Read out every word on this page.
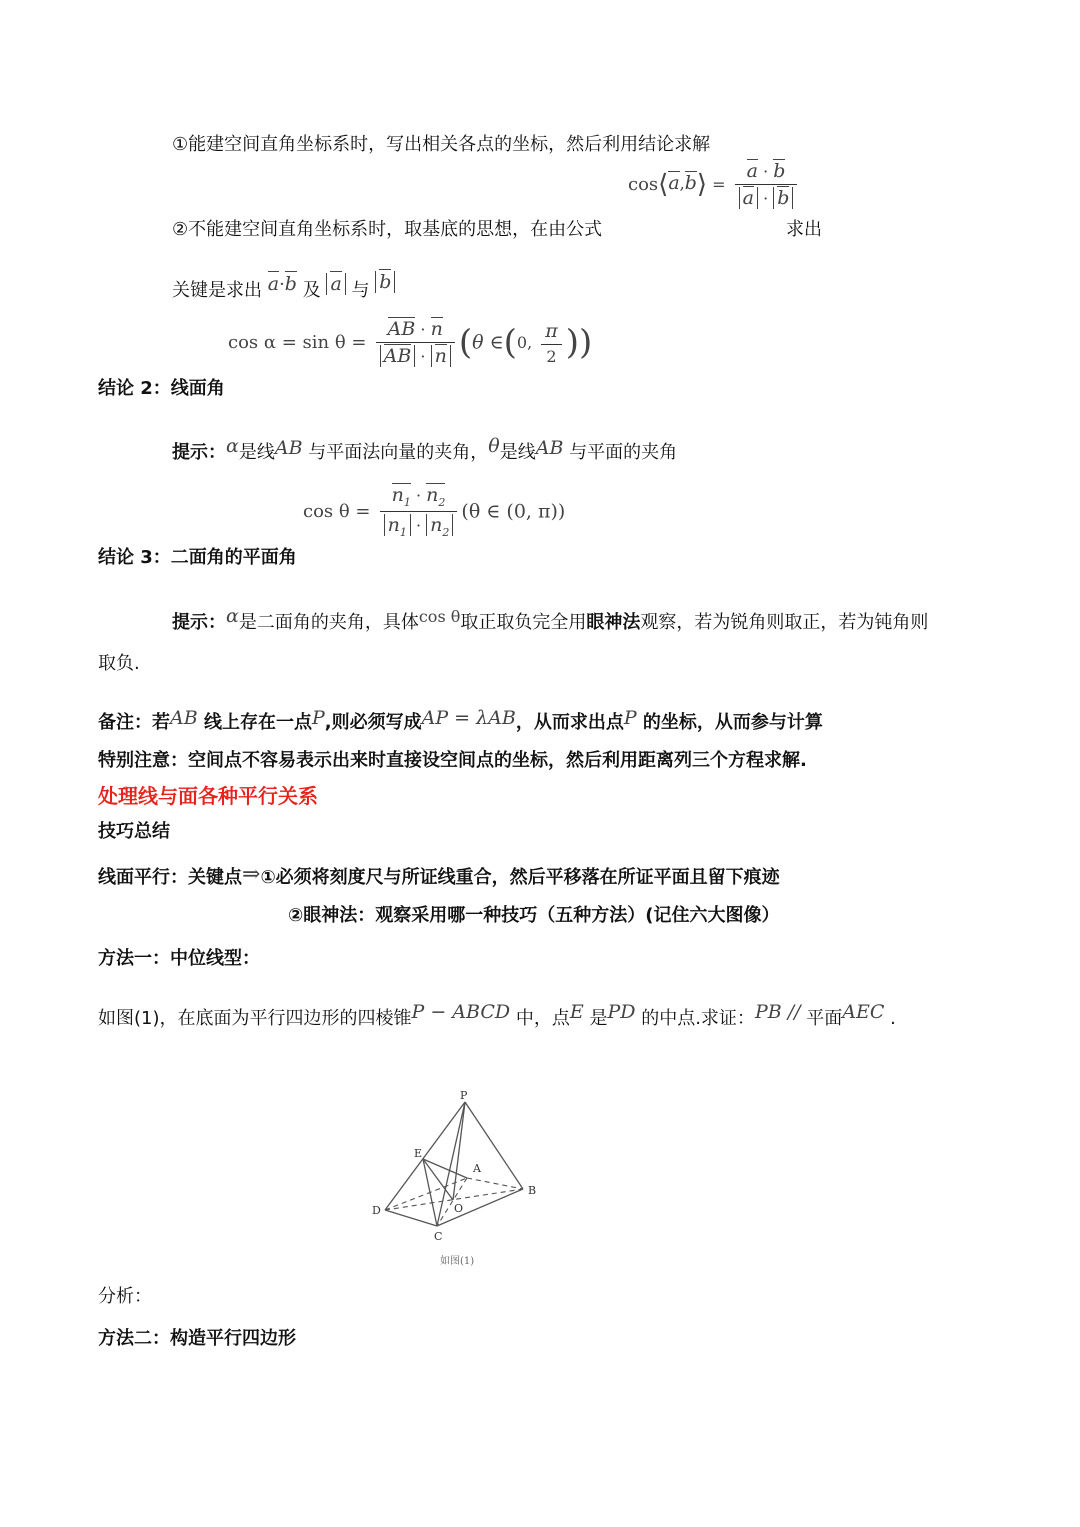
①能建空间直角坐标系时，写出相关各点的坐标，然后利用结论求解
cos⟨a,b⟩ = $\frac{a \cdot b}{a \cdot b}$
②不能建空间直角坐标系时，取基底的思想，在由公式	求出
关键是求出 a·b 及 a 与 b
$\cos \alpha = \sin \theta = \frac{AB \cdot n}{AB \cdot n} (\theta$ ∈(0, $\frac{\pi}{2}$ ))
结论 2：线面角
提示：α是线AB 与平面法向量的夹角，θ是线AB 与平面的夹角
$\cos \theta = \frac{n_1 \cdot n_2}{n_1 \cdot n_2} (\theta$ ∈ (0, π))
结论 3：二面角的平面角
提示：α是二面角的夹角，具体cos θ取正取负完全用眼神法观察，若为锐角则取正，若为钝角则
取负.
备注：若AB 线上存在一点P,则必须写成AP = λAB，从而求出点P 的坐标，从而参与计算
特别注意：空间点不容易表示出来时直接设空间点的坐标，然后利用距离列三个方程求解.
处理线与面各种平行关系
技巧总结
线面平行：关键点⇒①必须将刻度尺与所证线重合，然后平移落在所证平面且留下痕迹
②眼神法：观察采用哪一种技巧（五种方法）(记住六大图像）
方法一：中位线型：
如图(1)，在底面为平行四边形的四棱锥P − ABCD 中，点E 是PD 的中点.求证：PB // 平面AEC .
P
E
A
B
D	O
C
如图(1)
分析：
方法二：构造平行四边形
